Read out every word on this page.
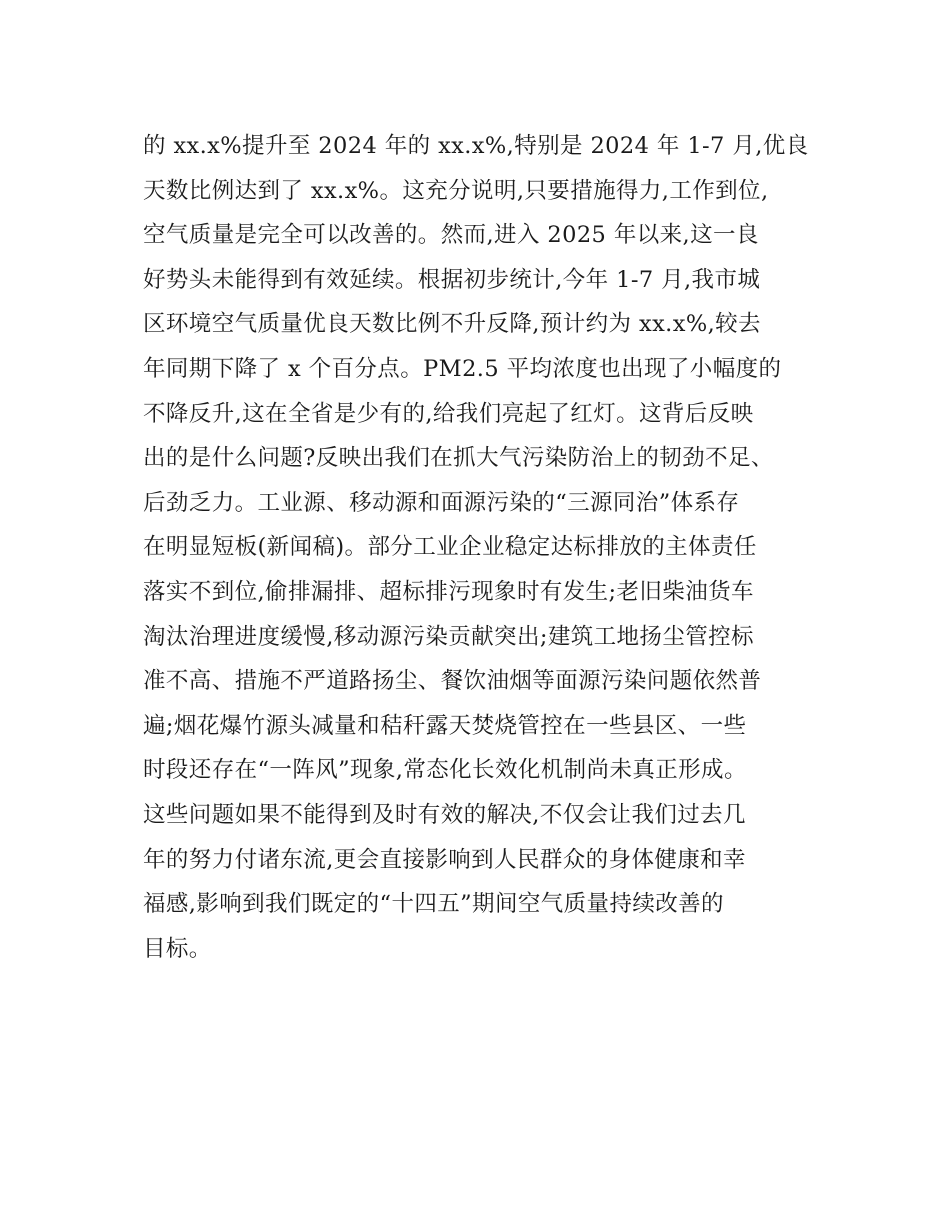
的 xx.x%提升至 2024 年的 xx.x%,特别是 2024 年 1-7 月,优良
天数比例达到了 xx.x%。这充分说明,只要措施得力,工作到位,
空气质量是完全可以改善的。然而,进入 2025 年以来,这一良
好势头未能得到有效延续。根据初步统计,今年 1-7 月,我市城
区环境空气质量优良天数比例不升反降,预计约为 xx.x%,较去
年同期下降了 x 个百分点。PM2.5 平均浓度也出现了小幅度的
不降反升,这在全省是少有的,给我们亮起了红灯。这背后反映
出的是什么问题?反映出我们在抓大气污染防治上的韧劲不足、
后劲乏力。工业源、移动源和面源污染的“三源同治”体系存
在明显短板(新闻稿)。部分工业企业稳定达标排放的主体责任
落实不到位,偷排漏排、超标排污现象时有发生;老旧柴油货车
淘汰治理进度缓慢,移动源污染贡献突出;建筑工地扬尘管控标
准不高、措施不严道路扬尘、餐饮油烟等面源污染问题依然普
遍;烟花爆竹源头减量和秸秆露天焚烧管控在一些县区、一些
时段还存在“一阵风”现象,常态化长效化机制尚未真正形成。
这些问题如果不能得到及时有效的解决,不仅会让我们过去几
年的努力付诸东流,更会直接影响到人民群众的身体健康和幸
福感,影响到我们既定的“十四五”期间空气质量持续改善的
目标。
